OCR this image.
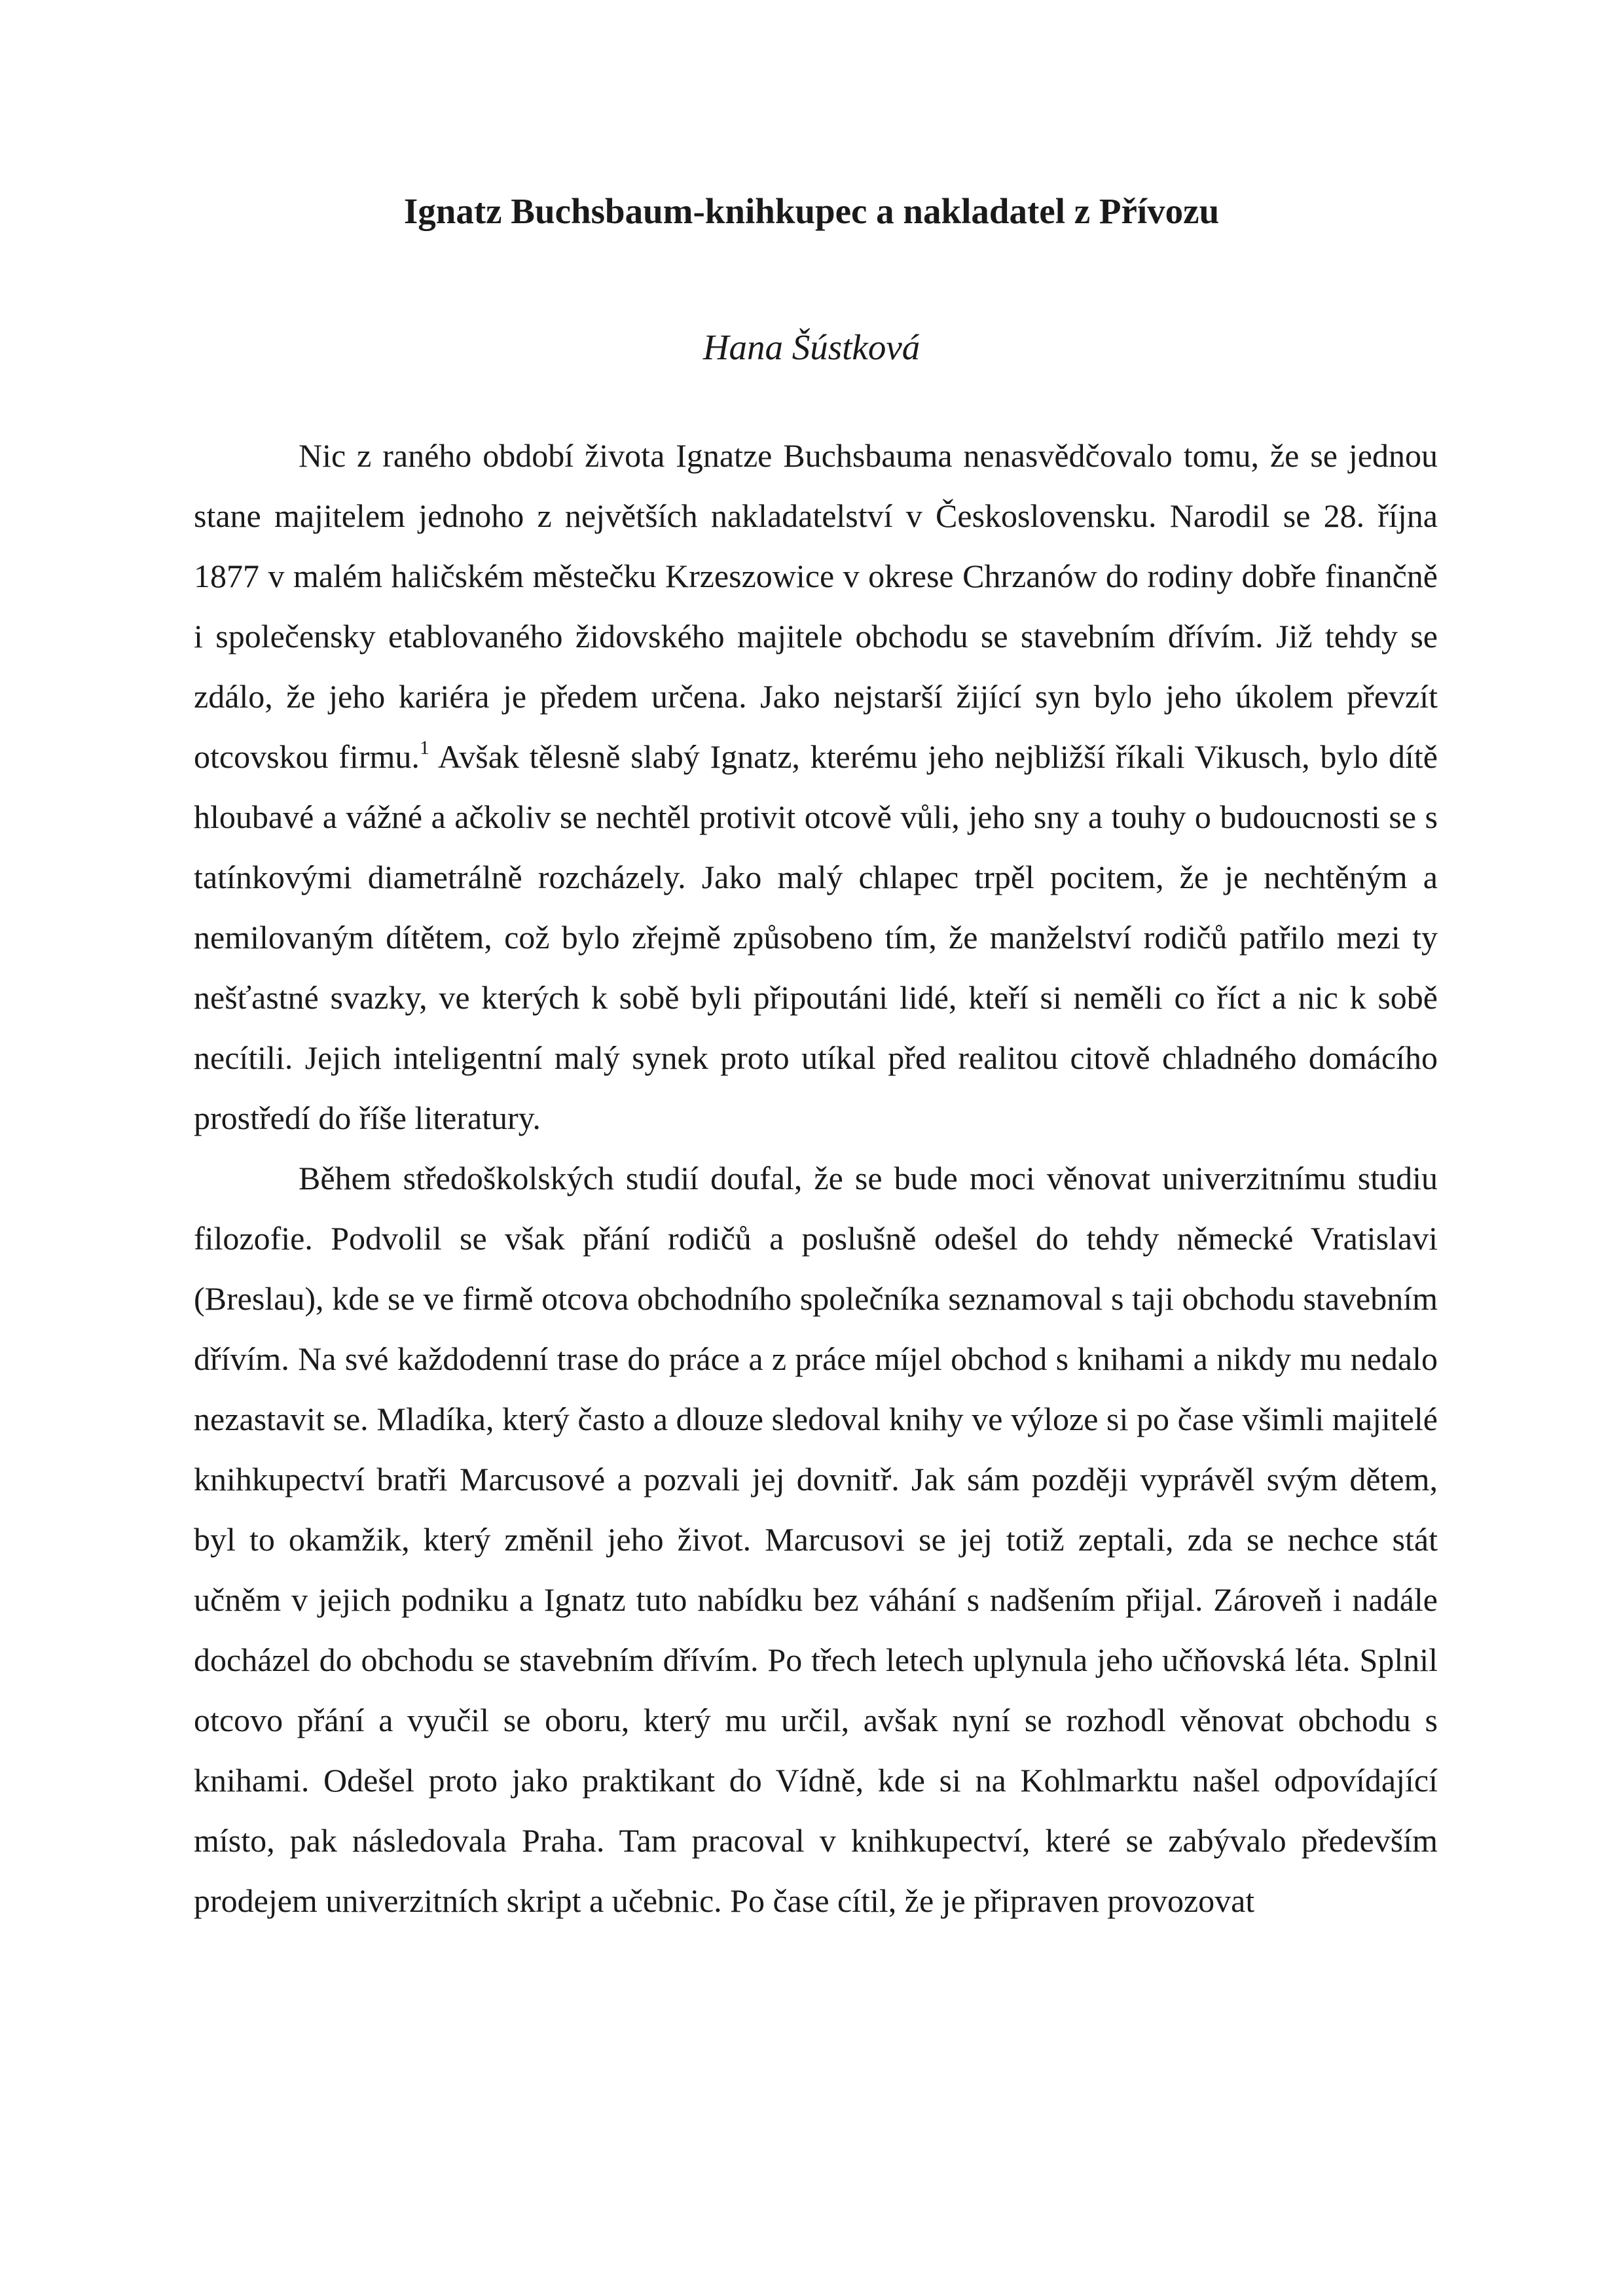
Ignatz Buchsbaum-knihkupec a nakladatel z Přívozu
Hana Šústková

Nic z raného období života Ignatze Buchsbauma nenasvědčovalo tomu, že se jednou stane majitelem jednoho z největších nakladatelství v Československu. Narodil se 28. října 1877 v malém haličském městečku Krzeszowice v okrese Chrzanów do rodiny dobře finančně i společensky etablovaného židovského majitele obchodu se stavebním dřívím. Již tehdy se zdálo, že jeho kariéra je předem určena. Jako nejstarší žijící syn bylo jeho úkolem převzít otcovskou firmu.$^1$ Avšak tělesně slabý Ignatz, kterému jeho nejbližší říkali Vikusch, bylo dítě hloubavé a vážné a ačkoliv se nechtěl protivit otcově vůli, jeho sny a touhy o budoucnosti se s tatínkovými diametrálně rozcházely. Jako malý chlapec trpěl pocitem, že je nechtěným a nemilovaným dítětem, což bylo zřejmě způsobeno tím, že manželství rodičů patřilo mezi ty nešťastné svazky, ve kterých k sobě byli připoutáni lidé, kteří si neměli co říct a nic k sobě necítili. Jejich inteligentní malý synek proto utíkal před realitou citově chladného domácího prostředí do říše literatury.

Během středoškolských studií doufal, že se bude moci věnovat univerzitnímu studiu filozofie. Podvolil se však přání rodičů a poslušně odešel do tehdy německé Vratislavi (Breslau), kde se ve firmě otcova obchodního společníka seznamoval s taji obchodu stavebním dřívím. Na své každodenní trase do práce a z práce míjel obchod s knihami a nikdy mu nedalo nezastavit se. Mladíka, který často a dlouze sledoval knihy ve výloze si po čase všimli majitelé knihkupectví bratři Marcusové a pozvali jej dovnitř. Jak sám později vyprávěl svým dětem, byl to okamžik, který změnil jeho život. Marcusovi se jej totiž zeptali, zda se nechce stát učněm v jejich podniku a Ignatz tuto nabídku bez váhání s nadšením přijal. Zároveň i nadále docházel do obchodu se stavebním dřívím. Po třech letech uplynula jeho učňovská léta. Splnil otcovo přání a vyučil se oboru, který mu určil, avšak nyní se rozhodl věnovat obchodu s knihami. Odešel proto jako praktikant do Vídně, kde si na Kohlmarktu našel odpovídající místo, pak následovala Praha. Tam pracoval v knihkupectví, které se zabývalo především prodejem univerzitních skript a učebnic. Po čase cítil, že je připraven provozovat
